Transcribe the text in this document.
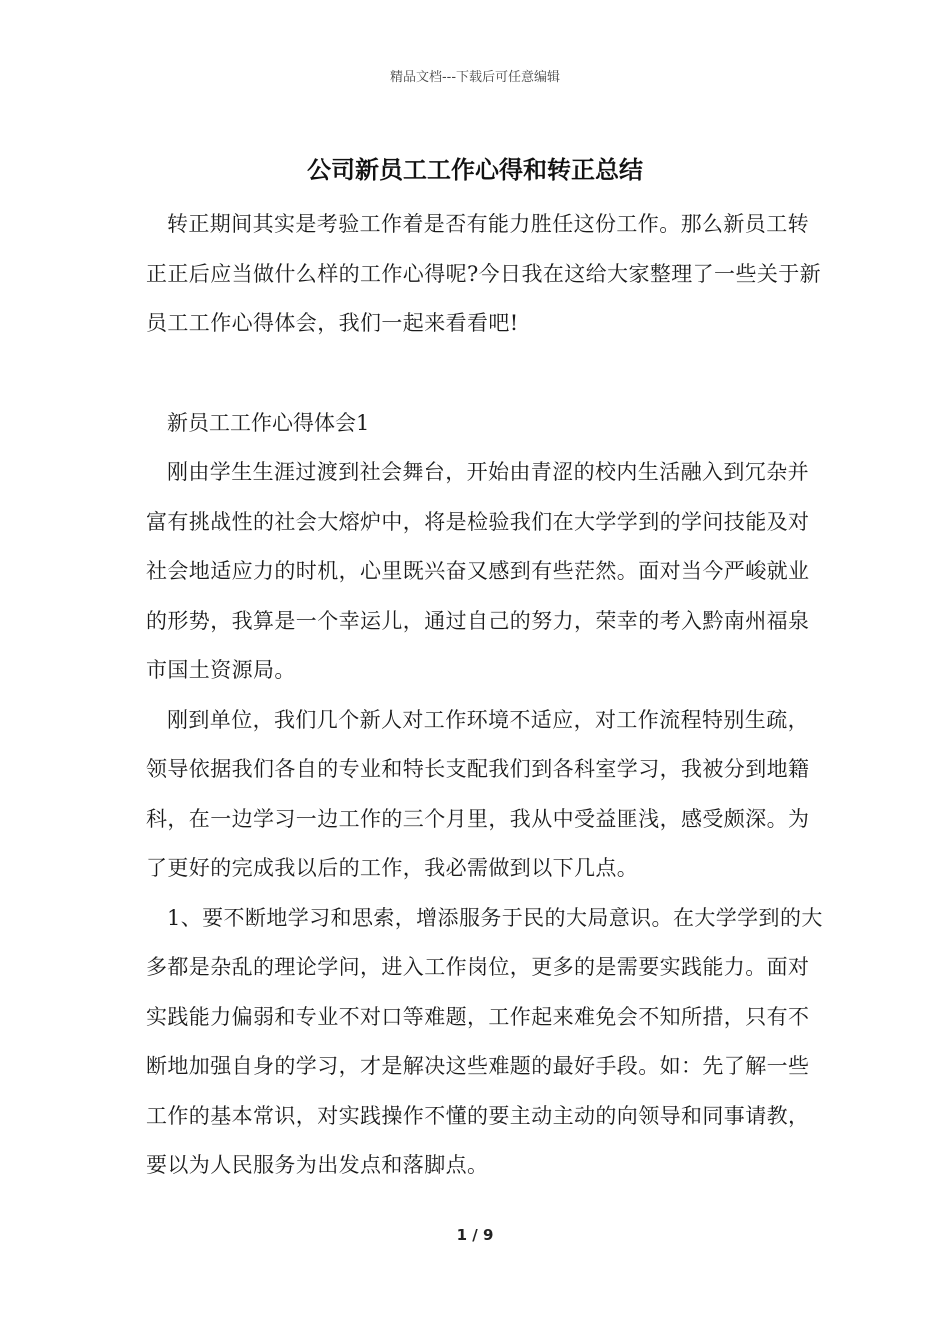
精品文档---下载后可任意编辑
公司新员工工作心得和转正总结

转正期间其实是考验工作着是否有能力胜任这份工作。那么新员工转正正后应当做什么样的工作心得呢?今日我在这给大家整理了一些关于新员工工作心得体会，我们一起来看看吧!

新员工工作心得体会1

刚由学生生涯过渡到社会舞台，开始由青涩的校内生活融入到冗杂并富有挑战性的社会大熔炉中，将是检验我们在大学学到的学问技能及对社会地适应力的时机，心里既兴奋又感到有些茫然。面对当今严峻就业的形势，我算是一个幸运儿，通过自己的努力，荣幸的考入黔南州福泉市国土资源局。

刚到单位，我们几个新人对工作环境不适应，对工作流程特别生疏，领导依据我们各自的专业和特长支配我们到各科室学习，我被分到地籍科，在一边学习一边工作的三个月里，我从中受益匪浅，感受颇深。为了更好的完成我以后的工作，我必需做到以下几点。

1、要不断地学习和思索，增添服务于民的大局意识。在大学学到的大多都是杂乱的理论学问，进入工作岗位，更多的是需要实践能力。面对实践能力偏弱和专业不对口等难题，工作起来难免会不知所措，只有不断地加强自身的学习，才是解决这些难题的最好手段。如：先了解一些工作的基本常识，对实践操作不懂的要主动主动的向领导和同事请教，要以为人民服务为出发点和落脚点。

1 / 9
